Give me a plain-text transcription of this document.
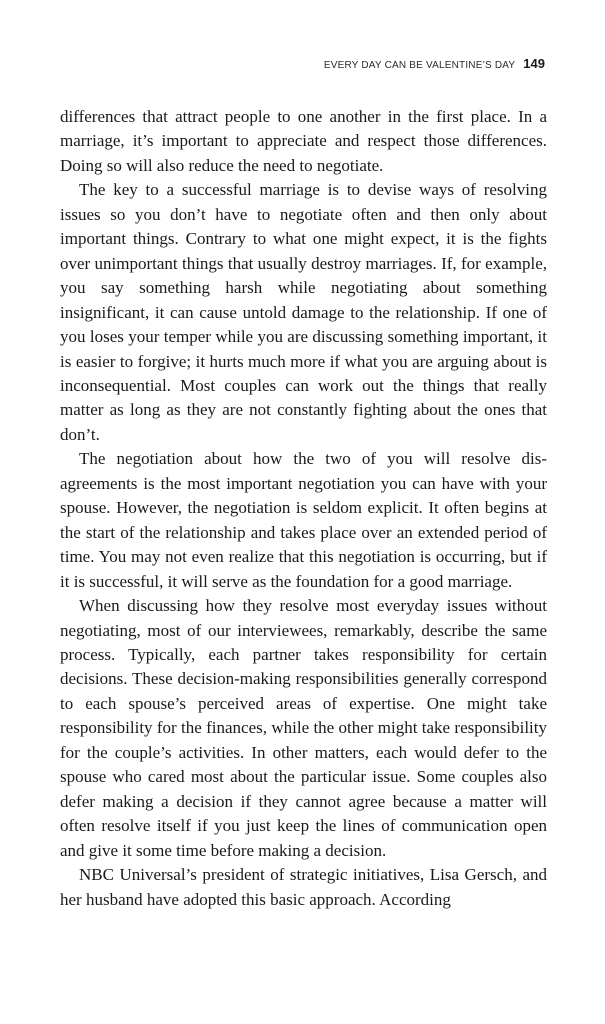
EVERY DAY CAN BE VALENTINE’S DAY 149

differences that attract people to one another in the first place. In a marriage, it’s important to appreciate and respect those differences. Doing so will also reduce the need to negotiate.

The key to a successful marriage is to devise ways of resolving issues so you don’t have to negotiate often and then only about important things. Contrary to what one might expect, it is the fights over unimportant things that usually destroy marriages. If, for example, you say something harsh while negotiating about something insignificant, it can cause untold damage to the relationship. If one of you loses your temper while you are discussing something important, it is easier to forgive; it hurts much more if what you are arguing about is inconsequential. Most couples can work out the things that really matter as long as they are not constantly fighting about the ones that don’t.

The negotiation about how the two of you will resolve disagreements is the most important negotiation you can have with your spouse. However, the negotiation is seldom explicit. It often begins at the start of the relationship and takes place over an extended period of time. You may not even realize that this negotiation is occurring, but if it is successful, it will serve as the foundation for a good marriage.

When discussing how they resolve most everyday issues without negotiating, most of our interviewees, remarkably, describe the same process. Typically, each partner takes responsibility for certain decisions. These decision-making responsibilities generally correspond to each spouse’s perceived areas of expertise. One might take responsibility for the finances, while the other might take responsibility for the couple’s activities. In other matters, each would defer to the spouse who cared most about the particular issue. Some couples also defer making a decision if they cannot agree because a matter will often resolve itself if you just keep the lines of communication open and give it some time before making a decision.

NBC Universal’s president of strategic initiatives, Lisa Gersch, and her husband have adopted this basic approach. According
